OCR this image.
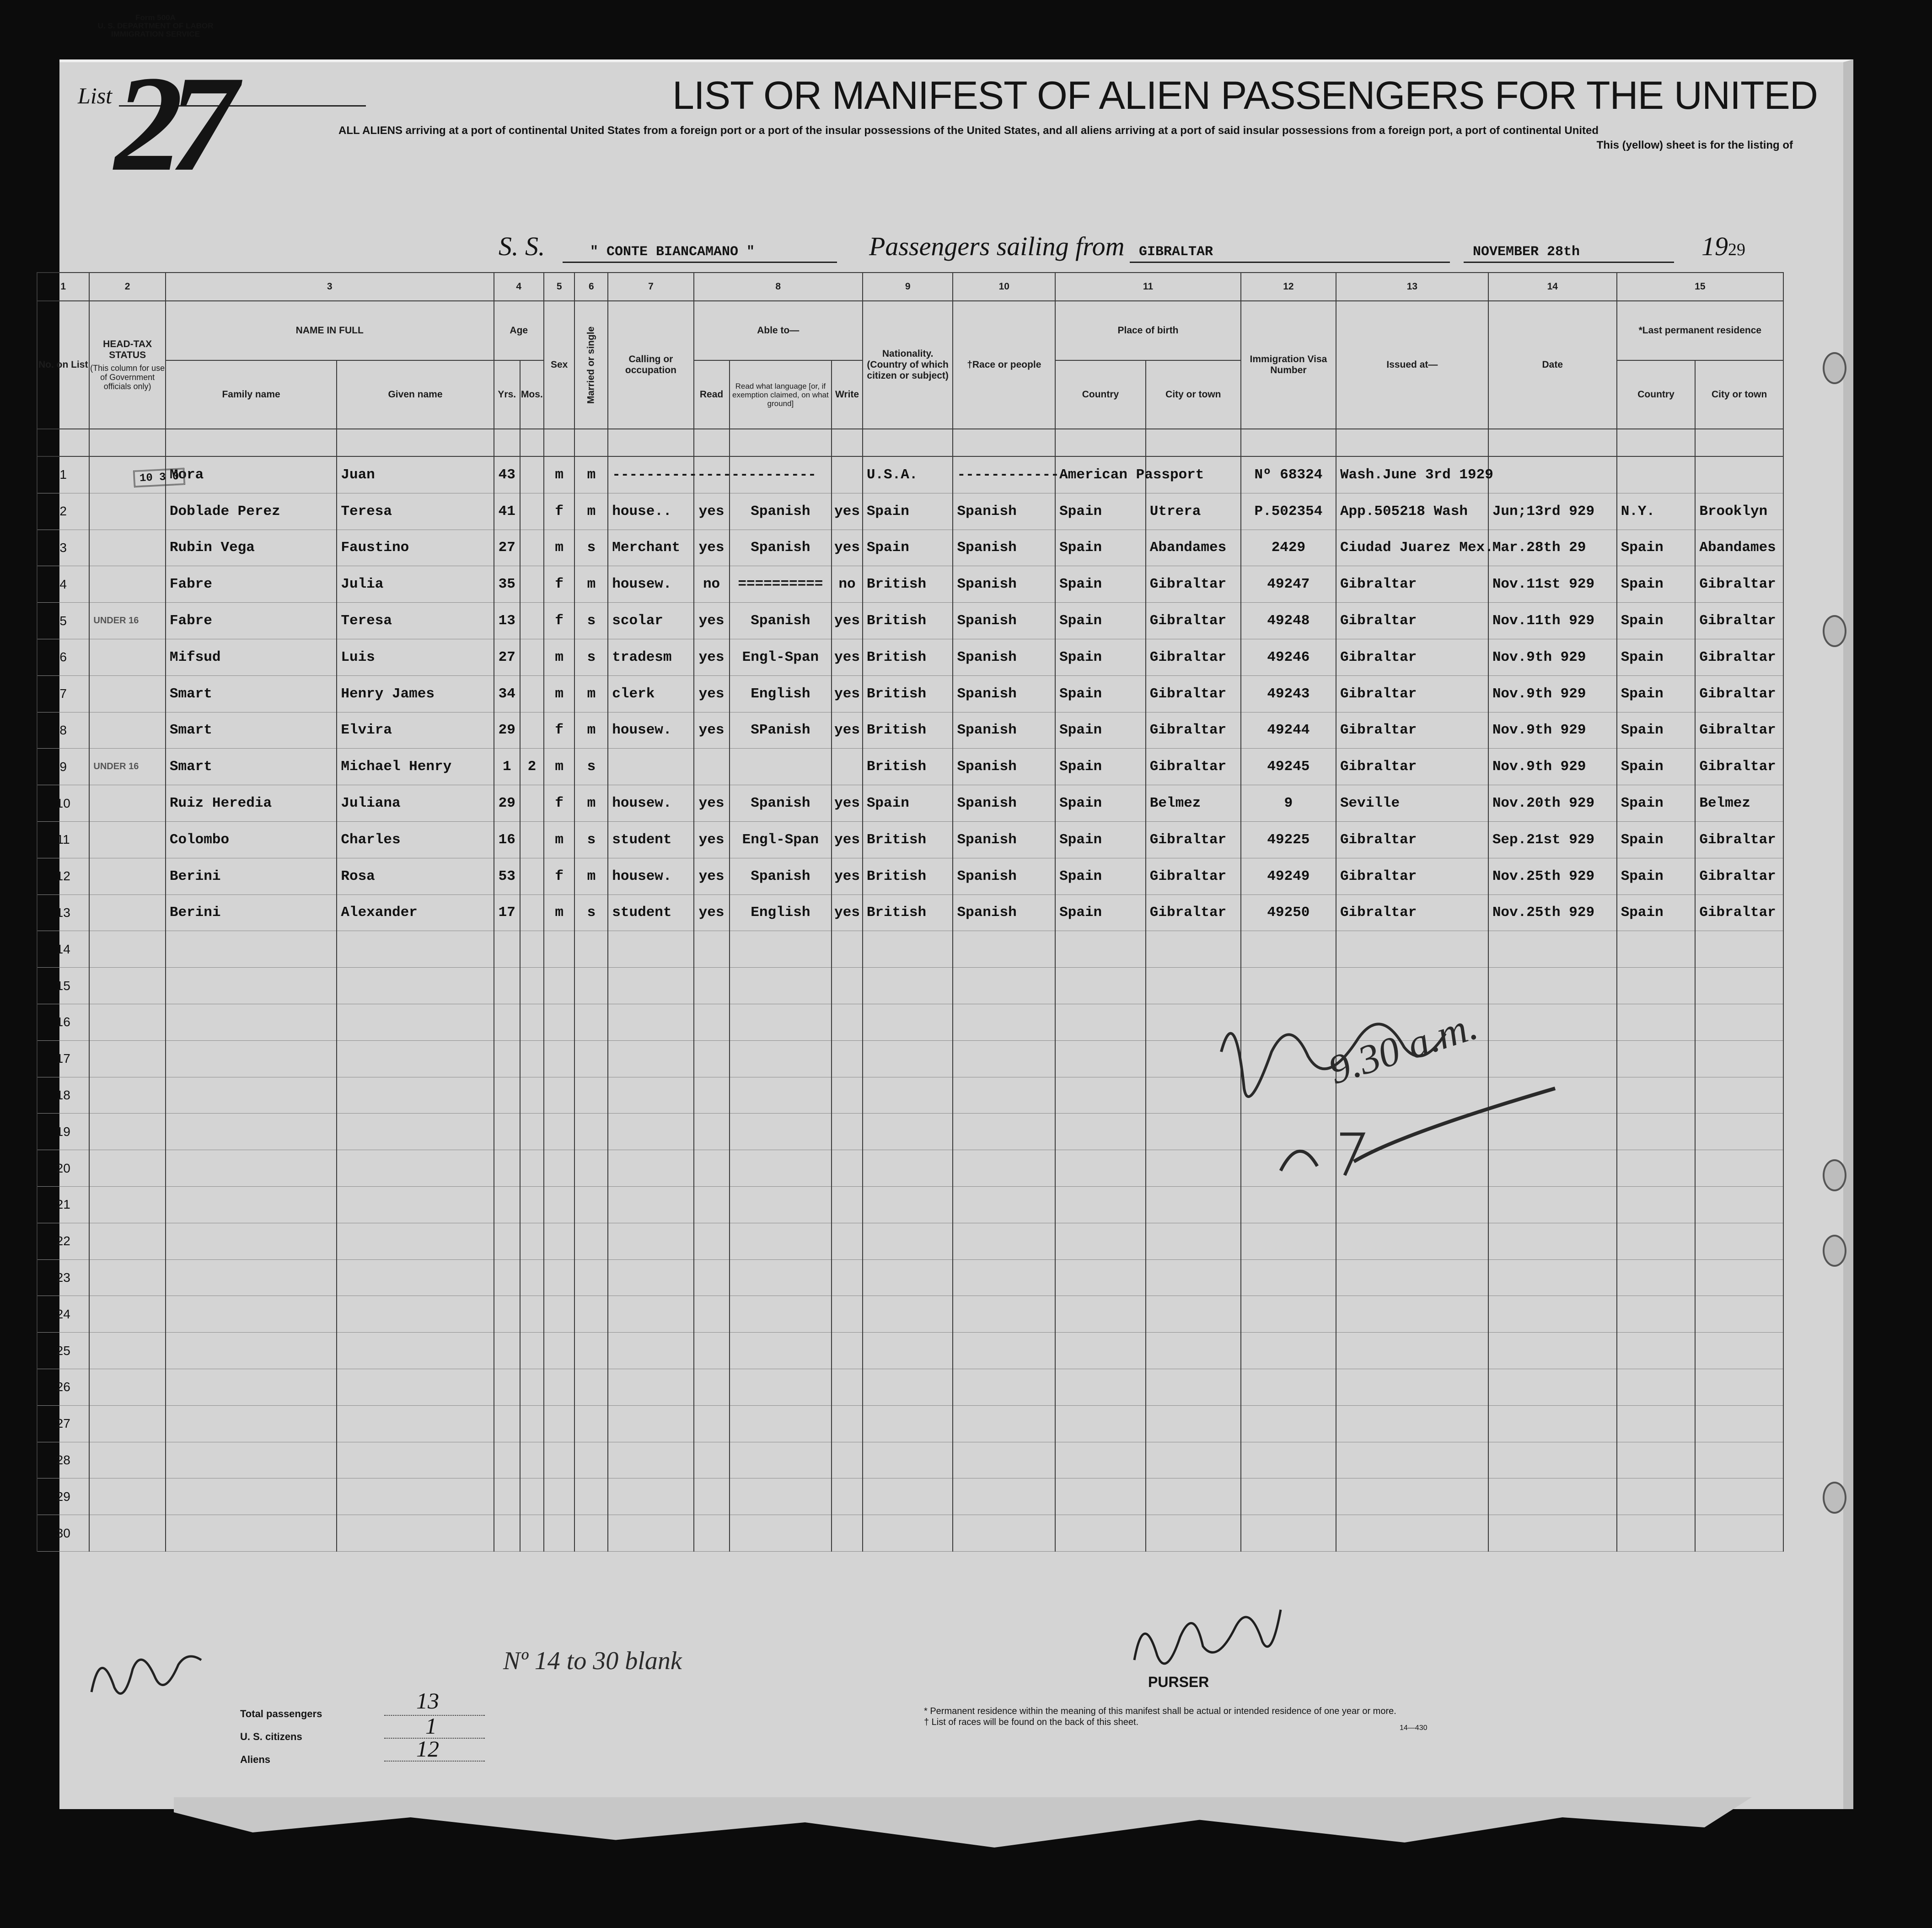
Form 500A
U. S. DEPARTMENT OF LABOR
IMMIGRATION SERVICE
List 27	LIST OR MANIFEST OF ALIEN PASSENGERS FOR THE UNITED
ALL ALIENS arriving at a port of continental United States from a foreign port or a port of the insular possessions of the United States, and all aliens arriving at a port of said insular possessions from a foreign port, a port of continental United
This (yellow) sheet is for the listing of
S. S.	" CONTE BIANCAMANO "	Passengers sailing from	GIBRALTAR	NOVEMBER 28th	1929
1	2	3		4		5	6	7	8			9	10	11		12	13	14	15	
No. on List	HEAD-TAX STATUS
(This column for use of Government officials only)	NAME IN FULL		Age		Sex	Married or single	Calling or occupation	Able to—			Nationality. (Country of which citizen or subject)	†Race or people	Place of birth		Immigration Visa Number	Issued at—	Date	*Last permanent residence	
		Family name	Given name	Yrs.	Mos.				Read	Read what language [or, if exemption claimed, on what ground]	Write			Country	City or town				Country	City or town

1		Mora	Juan	43		m	m	------------------------				U.S.A.	------------	American Passport		Nº 68324	Wash.June 3rd 1929			
2		Doblade Perez	Teresa	41		f	m	house..	yes	Spanish	yes	Spain	Spanish	Spain	Utrera	P.502354	App.505218 Wash	Jun;13rd 929	N.Y.	Brooklyn
3		Rubin Vega	Faustino	27		m	s	Merchant	yes	Spanish	yes	Spain	Spanish	Spain	Abandames	2429	Ciudad Juarez Mex.	Mar.28th 29	Spain	Abandames
4		Fabre	Julia	35		f	m	housew.	no	==========	no	British	Spanish	Spain	Gibraltar	49247	Gibraltar	Nov.11st 929	Spain	Gibraltar
5	UNDER 16	Fabre	Teresa	13		f	s	scolar	yes	Spanish	yes	British	Spanish	Spain	Gibraltar	49248	Gibraltar	Nov.11th 929	Spain	Gibraltar
6		Mifsud	Luis	27		m	s	tradesm	yes	Engl-Span	yes	British	Spanish	Spain	Gibraltar	49246	Gibraltar	Nov.9th 929	Spain	Gibraltar
7		Smart	Henry James	34		m	m	clerk	yes	English	yes	British	Spanish	Spain	Gibraltar	49243	Gibraltar	Nov.9th 929	Spain	Gibraltar
8		Smart	Elvira	29		f	m	housew.	yes	SPanish	yes	British	Spanish	Spain	Gibraltar	49244	Gibraltar	Nov.9th 929	Spain	Gibraltar
9	UNDER 16	Smart	Michael Henry	1	2	m	s					British	Spanish	Spain	Gibraltar	49245	Gibraltar	Nov.9th 929	Spain	Gibraltar
10		Ruiz Heredia	Juliana	29		f	m	housew.	yes	Spanish	yes	Spain	Spanish	Spain	Belmez	9	Seville	Nov.20th 929	Spain	Belmez
11		Colombo	Charles	16		m	s	student	yes	Engl-Span	yes	British	Spanish	Spain	Gibraltar	49225	Gibraltar	Sep.21st 929	Spain	Gibraltar
12		Berini	Rosa	53		f	m	housew.	yes	Spanish	yes	British	Spanish	Spain	Gibraltar	49249	Gibraltar	Nov.25th 929	Spain	Gibraltar
13		Berini	Alexander	17		m	s	student	yes	English	yes	British	Spanish	Spain	Gibraltar	49250	Gibraltar	Nov.25th 929	Spain	Gibraltar
14																				
15																				
16																				
17																				
18																				
19																				
20																				
21																				
22																				
23																				
24																				
25																				
26																				
27																				
28																				
29																				
30																				
10 3 0
Nº 14 to 30 blank
9.30 a.m.
Total passengers
13
U. S. citizens	1
Aliens	12
PURSER
* Permanent residence within the meaning of this manifest shall be actual or intended residence of one year or more.
† List of races will be found on the back of this sheet.
14—430
